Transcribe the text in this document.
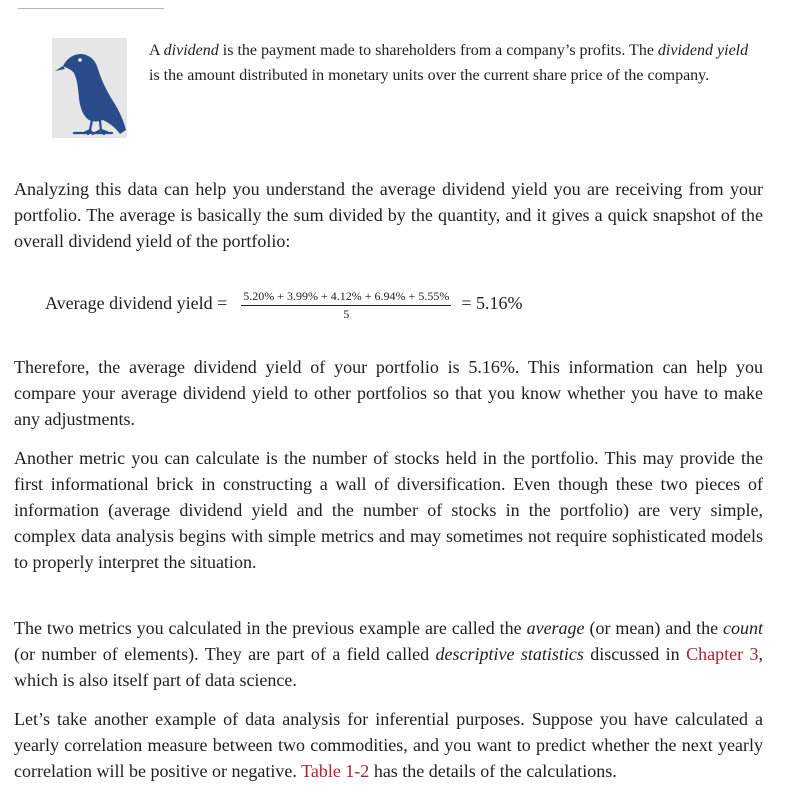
A dividend is the payment made to shareholders from a company’s profits. The dividend yield is the amount distributed in monetary units over the current share price of the company.

Analyzing this data can help you understand the average dividend yield you are receiving from your portfolio. The average is basically the sum divided by the quantity, and it gives a quick snapshot of the overall dividend yield of the portfolio:

Average dividend yield = $\frac{5.20\% + 3.99\% + 4.12\% + 6.94\% + 5.55\%}{5} = 5.16\%$

Therefore, the average dividend yield of your portfolio is 5.16%. This information can help you compare your average dividend yield to other portfolios so that you know whether you have to make any adjustments.

Another metric you can calculate is the number of stocks held in the portfolio. This may provide the first informational brick in constructing a wall of diversification. Even though these two pieces of information (average dividend yield and the number of stocks in the portfolio) are very simple, complex data analysis begins with simple metrics and may sometimes not require sophisticated models to properly interpret the situation.

The two metrics you calculated in the previous example are called the average (or mean) and the count (or number of elements). They are part of a field called descriptive statistics discussed in Chapter 3, which is also itself part of data science.

Let’s take another example of data analysis for inferential purposes. Suppose you have calculated a yearly correlation measure between two commodities, and you want to predict whether the next yearly correlation will be positive or negative. Table 1-2 has the details of the calculations.
